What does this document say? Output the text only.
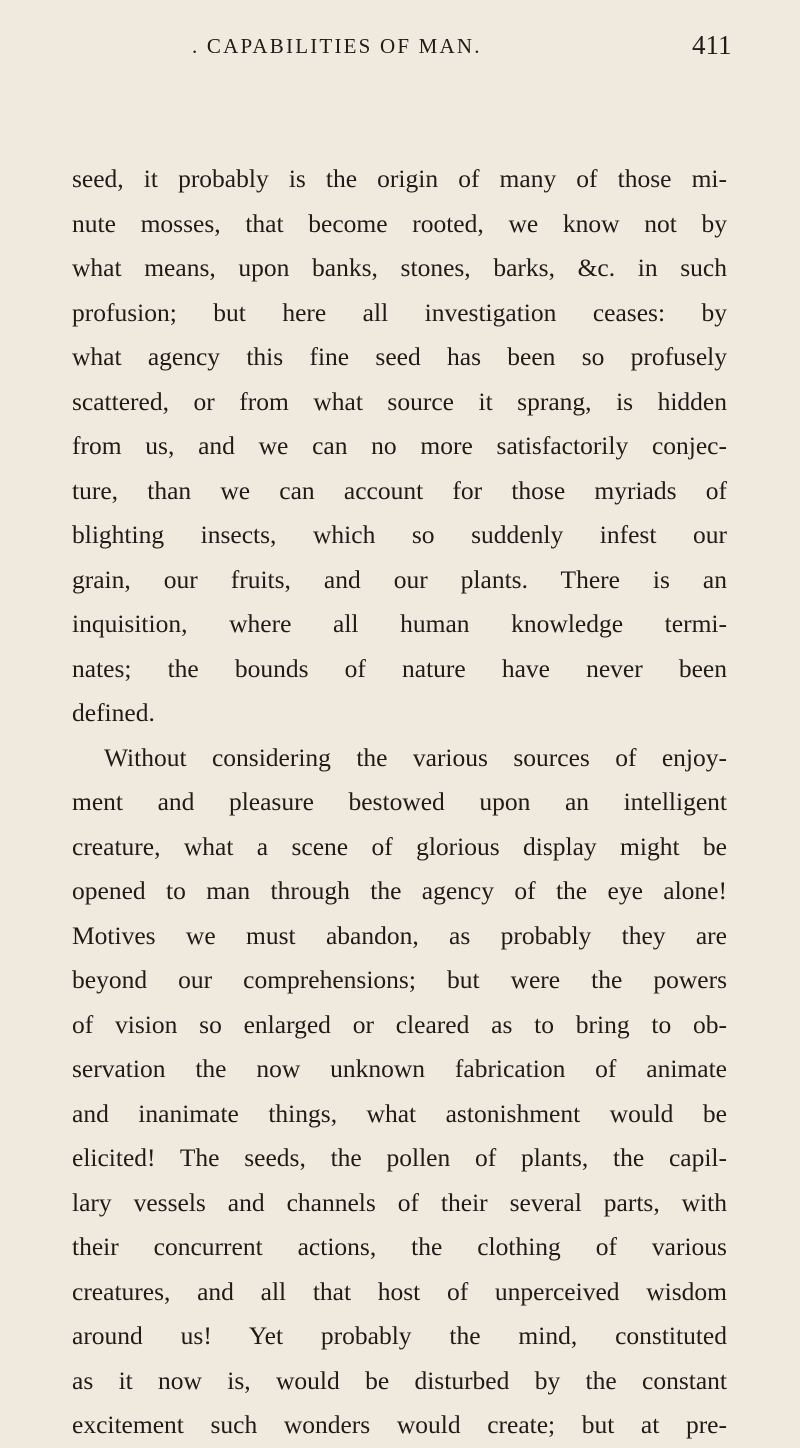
. CAPABILITIES OF MAN.	411
seed, it probably is the origin of many of those mi-
nute mosses, that become rooted, we know not by
what means, upon banks, stones, barks, &c. in such
profusion; but here all investigation ceases: by
what agency this fine seed has been so profusely
scattered, or from what source it sprang, is hidden
from us, and we can no more satisfactorily conjec-
ture, than we can account for those myriads of
blighting insects, which so suddenly infest our
grain, our fruits, and our plants. There is an
inquisition, where all human knowledge termi-
nates; the bounds of nature have never been
defined.
Without considering the various sources of enjoy-
ment and pleasure bestowed upon an intelligent
creature, what a scene of glorious display might be
opened to man through the agency of the eye alone!
Motives we must abandon, as probably they are
beyond our comprehensions; but were the powers
of vision so enlarged or cleared as to bring to ob-
servation the now unknown fabrication of animate
and inanimate things, what astonishment would be
elicited! The seeds, the pollen of plants, the capil-
lary vessels and channels of their several parts, with
their concurrent actions, the clothing of various
creatures, and all that host of unperceived wisdom
around us! Yet probably the mind, constituted
as it now is, would be disturbed by the constant
excitement such wonders would create; but at pre-
